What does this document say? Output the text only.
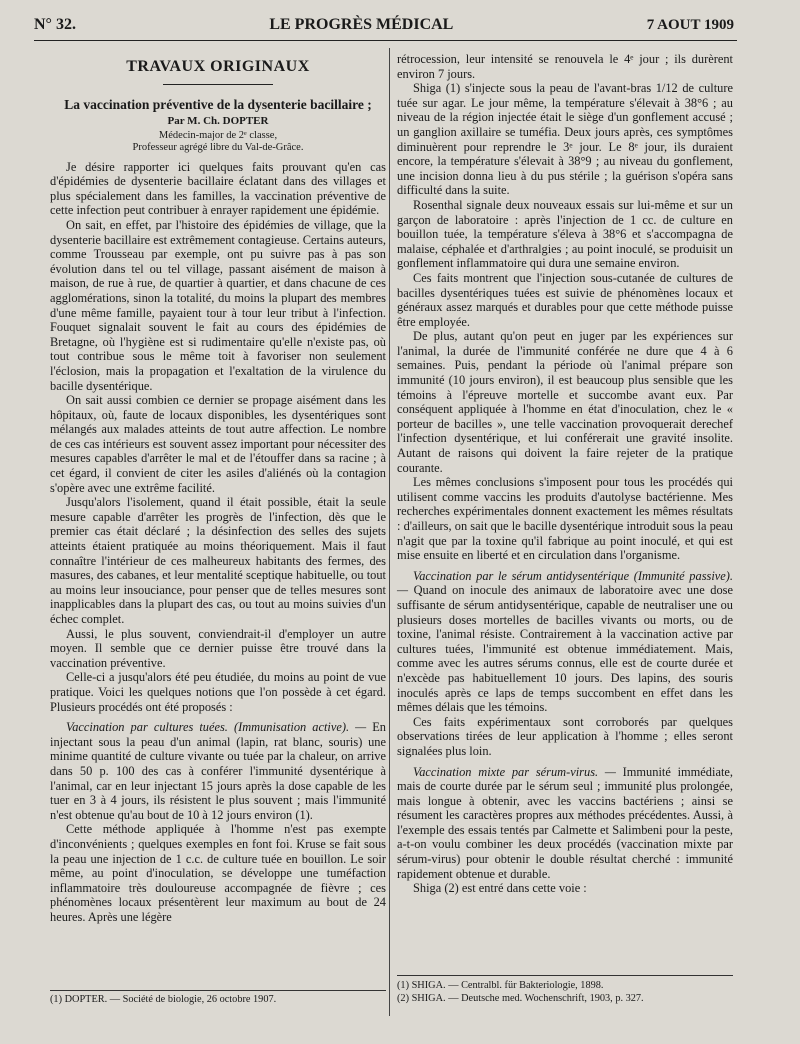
N° 32.	LE PROGRÈS MÉDICAL	7 AOUT 1909
TRAVAUX ORIGINAUX
La vaccination préventive de la dysenterie bacillaire ;
Par M. Ch. DOPTER
Médecin-major de 2ᵉ classe,
Professeur agrégé libre du Val-de-Grâce.

Je désire rapporter ici quelques faits prouvant qu'en cas d'épidémies de dysenterie bacillaire éclatant dans des villages et plus spécialement dans les familles, la vaccination préventive de cette infection peut contribuer à enrayer rapidement une épidémie.

On sait, en effet, par l'histoire des épidémies de village, que la dysenterie bacillaire est extrêmement contagieuse. Certains auteurs, comme Trousseau par exemple, ont pu suivre pas à pas son évolution dans tel ou tel village, passant aisément de maison à maison, de rue à rue, de quartier à quartier, et dans chacune de ces agglomérations, sinon la totalité, du moins la plupart des membres d'une même famille, payaient tour à tour leur tribut à l'infection. Fouquet signalait souvent le fait au cours des épidémies de Bretagne, où l'hygiène est si rudimentaire qu'elle n'existe pas, où tout contribue sous le même toit à favoriser non seulement l'éclosion, mais la propagation et l'exaltation de la virulence du bacille dysentérique.

On sait aussi combien ce dernier se propage aisément dans les hôpitaux, où, faute de locaux disponibles, les dysentériques sont mélangés aux malades atteints de tout autre affection. Le nombre de ces cas intérieurs est souvent assez important pour nécessiter des mesures capables d'arrêter le mal et de l'étouffer dans sa racine ; à cet égard, il convient de citer les asiles d'aliénés où la contagion s'opère avec une extrême facilité.

Jusqu'alors l'isolement, quand il était possible, était la seule mesure capable d'arrêter les progrès de l'infection, dès que le premier cas était déclaré ; la désinfection des selles des sujets atteints étaient pratiquée au moins théoriquement. Mais il faut connaître l'intérieur de ces malheureux habitants des fermes, des masures, des cabanes, et leur mentalité sceptique habituelle, ou tout au moins leur insouciance, pour penser que de telles mesures sont inapplicables dans la plupart des cas, ou tout au moins suivies d'un échec complet.

Aussi, le plus souvent, conviendrait-il d'employer un autre moyen. Il semble que ce dernier puisse être trouvé dans la vaccination préventive.

Celle-ci a jusqu'alors été peu étudiée, du moins au point de vue pratique. Voici les quelques notions que l'on possède à cet égard. Plusieurs procédés ont été proposés :

Vaccination par cultures tuées. (Immunisation active). — En injectant sous la peau d'un animal (lapin, rat blanc, souris) une minime quantité de culture vivante ou tuée par la chaleur, on arrive dans 50 p. 100 des cas à conférer l'immunité dysentérique à l'animal, car en leur injectant 15 jours après la dose capable de les tuer en 3 à 4 jours, ils résistent le plus souvent ; mais l'immunité n'est obtenue qu'au bout de 10 à 12 jours environ (1).

Cette méthode appliquée à l'homme n'est pas exempte d'inconvénients ; quelques exemples en font foi. Kruse se fait sous la peau une injection de 1 c.c. de culture tuée en bouillon. Le soir même, au point d'inoculation, se développe une tuméfaction inflammatoire très douloureuse accompagnée de fièvre ; ces phénomènes locaux présentèrent leur maximum au bout de 24 heures. Après une légère

rétrocession, leur intensité se renouvela le 4ᵉ jour ; ils durèrent environ 7 jours.

Shiga (1) s'injecte sous la peau de l'avant-bras 1/12 de culture tuée sur agar. Le jour même, la température s'élevait à 38°6 ; au niveau de la région injectée était le siège d'un gonflement accusé ; un ganglion axillaire se tuméfia. Deux jours après, ces symptômes diminuèrent pour reprendre le 3ᵉ jour. Le 8ᵉ jour, ils duraient encore, la température s'élevait à 38°9 ; au niveau du gonflement, une incision donna lieu à du pus stérile ; la guérison s'opéra sans difficulté dans la suite.

Rosenthal signale deux nouveaux essais sur lui-même et sur un garçon de laboratoire : après l'injection de 1 cc. de culture en bouillon tuée, la température s'éleva à 38°6 et s'accompagna de malaise, céphalée et d'arthralgies ; au point inoculé, se produisit un gonflement inflammatoire qui dura une semaine environ.

Ces faits montrent que l'injection sous-cutanée de cultures de bacilles dysentériques tuées est suivie de phénomènes locaux et généraux assez marqués et durables pour que cette méthode puisse être employée.

De plus, autant qu'on peut en juger par les expériences sur l'animal, la durée de l'immunité conférée ne dure que 4 à 6 semaines. Puis, pendant la période où l'animal prépare son immunité (10 jours environ), il est beaucoup plus sensible que les témoins à l'épreuve mortelle et succombe avant eux. Par conséquent appliquée à l'homme en état d'inoculation, chez le « porteur de bacilles », une telle vaccination provoquerait derechef l'infection dysentérique, et lui conférerait une gravité insolite. Autant de raisons qui doivent la faire rejeter de la pratique courante.

Les mêmes conclusions s'imposent pour tous les procédés qui utilisent comme vaccins les produits d'autolyse bactérienne. Mes recherches expérimentales donnent exactement les mêmes résultats : d'ailleurs, on sait que le bacille dysentérique introduit sous la peau n'agit que par la toxine qu'il fabrique au point inoculé, et qui est mise ensuite en liberté et en circulation dans l'organisme.

Vaccination par le sérum antidysentérique (Immunité passive). — Quand on inocule des animaux de laboratoire avec une dose suffisante de sérum antidysentérique, capable de neutraliser une ou plusieurs doses mortelles de bacilles vivants ou morts, ou de toxine, l'animal résiste. Contrairement à la vaccination active par cultures tuées, l'immunité est obtenue immédiatement. Mais, comme avec les autres sérums connus, elle est de courte durée et n'excède pas habituellement 10 jours. Des lapins, des souris inoculés après ce laps de temps succombent en effet dans les mêmes délais que les témoins.

Ces faits expérimentaux sont corroborés par quelques observations tirées de leur application à l'homme ; elles seront signalées plus loin.

Vaccination mixte par sérum-virus. — Immunité immédiate, mais de courte durée par le sérum seul ; immunité plus prolongée, mais longue à obtenir, avec les vaccins bactériens ; ainsi se résument les caractères propres aux méthodes précédentes. Aussi, à l'exemple des essais tentés par Calmette et Salimbeni pour la peste, a-t-on voulu combiner les deux procédés (vaccination mixte par sérum-virus) pour obtenir le double résultat cherché : immunité rapidement obtenue et durable.

Shiga (2) est entré dans cette voie :

(1) DOPTER. — Société de biologie, 26 octobre 1907.
(1) SHIGA. — Centralbl. für Bakteriologie, 1898.
(2) SHIGA. — Deutsche med. Wochenschrift, 1903, p. 327.
